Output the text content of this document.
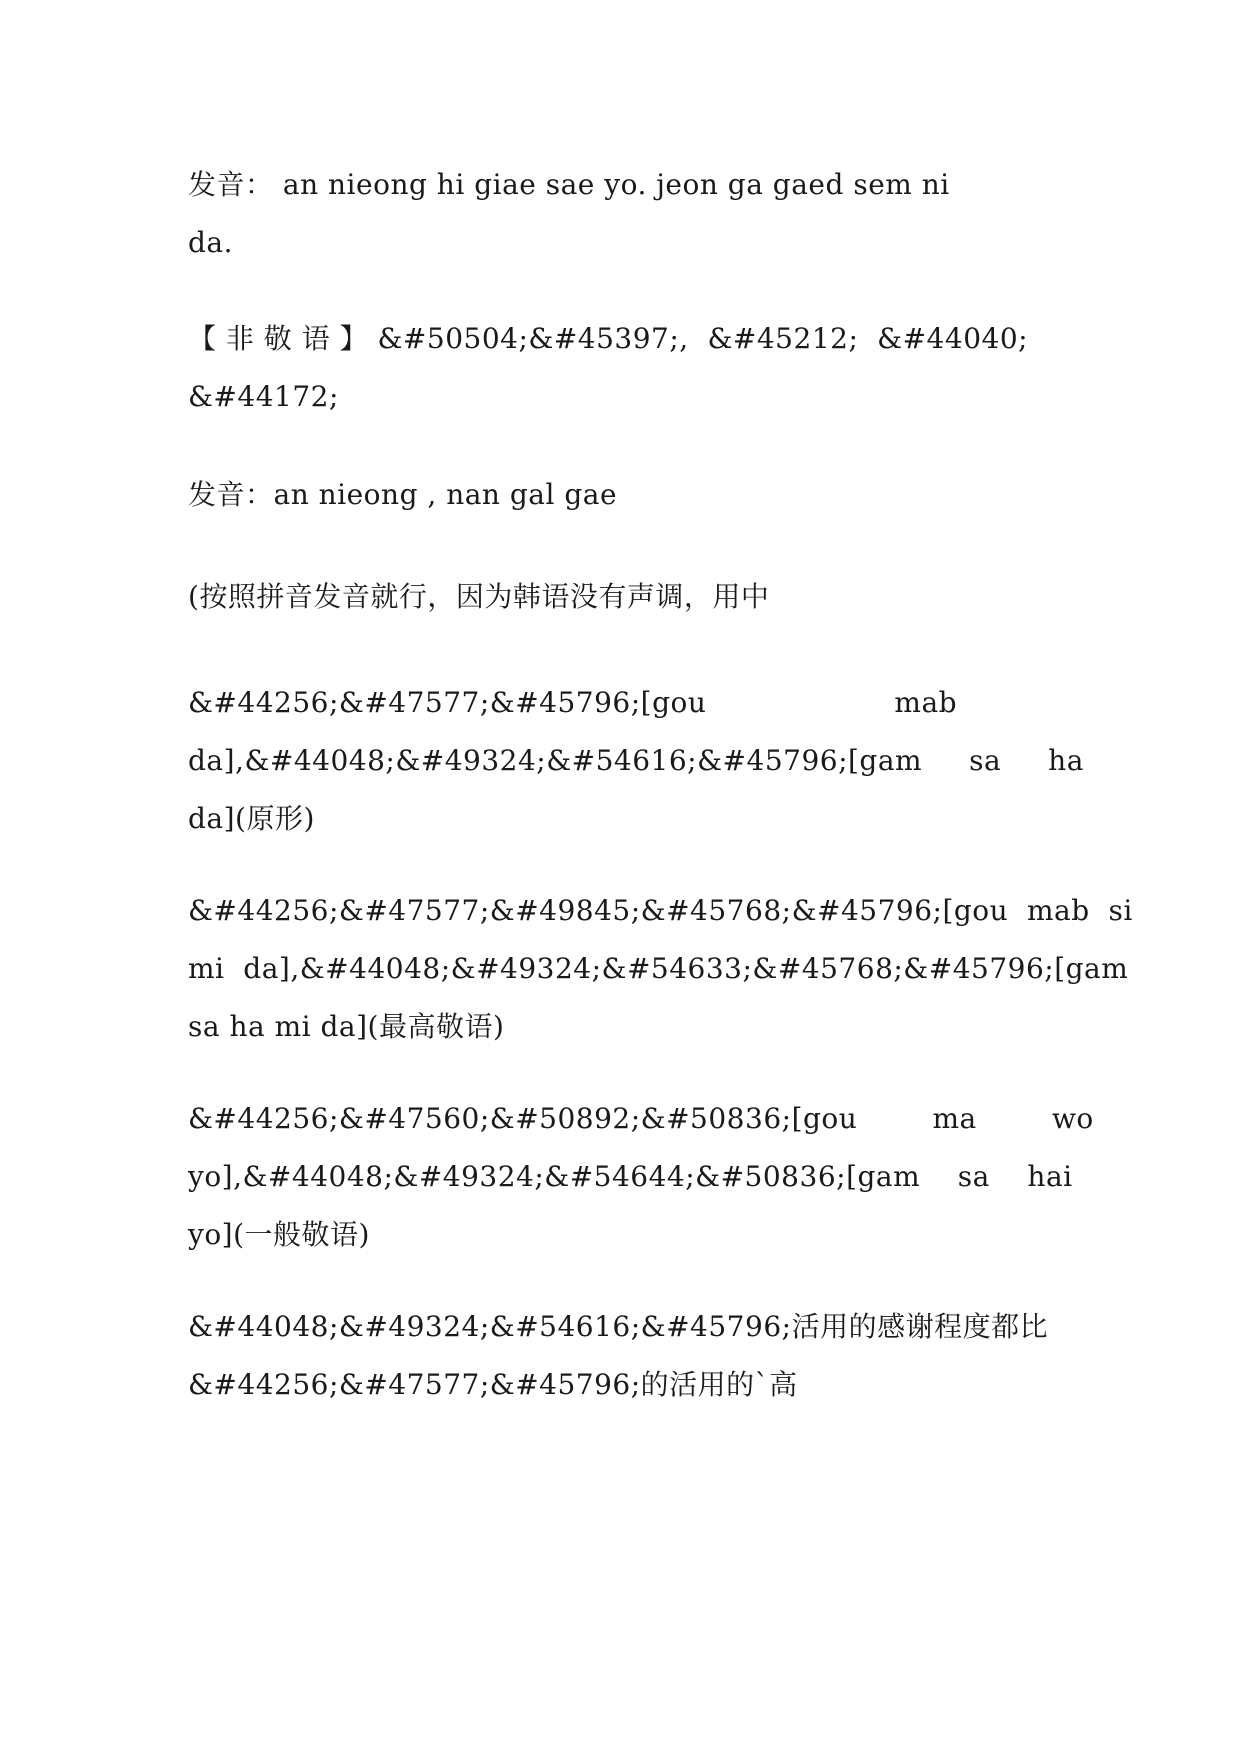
发音： an nieong hi giae sae yo. jeon ga gaed sem ni
da.

【 非 敬 语 】 &#50504;&#45397;,  &#45212;  &#44040;
&#44172;

发音：an nieong , nan gal gae

(按照拼音发音就行，因为韩语没有声调，用中

&#44256;&#47577;&#45796;[gou                    mab
da],&#44048;&#49324;&#54616;&#45796;[gam     sa     ha
da](原形)

&#44256;&#47577;&#49845;&#45768;&#45796;[gou  mab  si
mi  da],&#44048;&#49324;&#54633;&#45768;&#45796;[gam
sa ha mi da](最高敬语)

&#44256;&#47560;&#50892;&#50836;[gou        ma        wo
yo],&#44048;&#49324;&#54644;&#50836;[gam    sa    hai
yo](一般敬语)

&#44048;&#49324;&#54616;&#45796;活用的感谢程度都比
&#44256;&#47577;&#45796;的活用的`高
